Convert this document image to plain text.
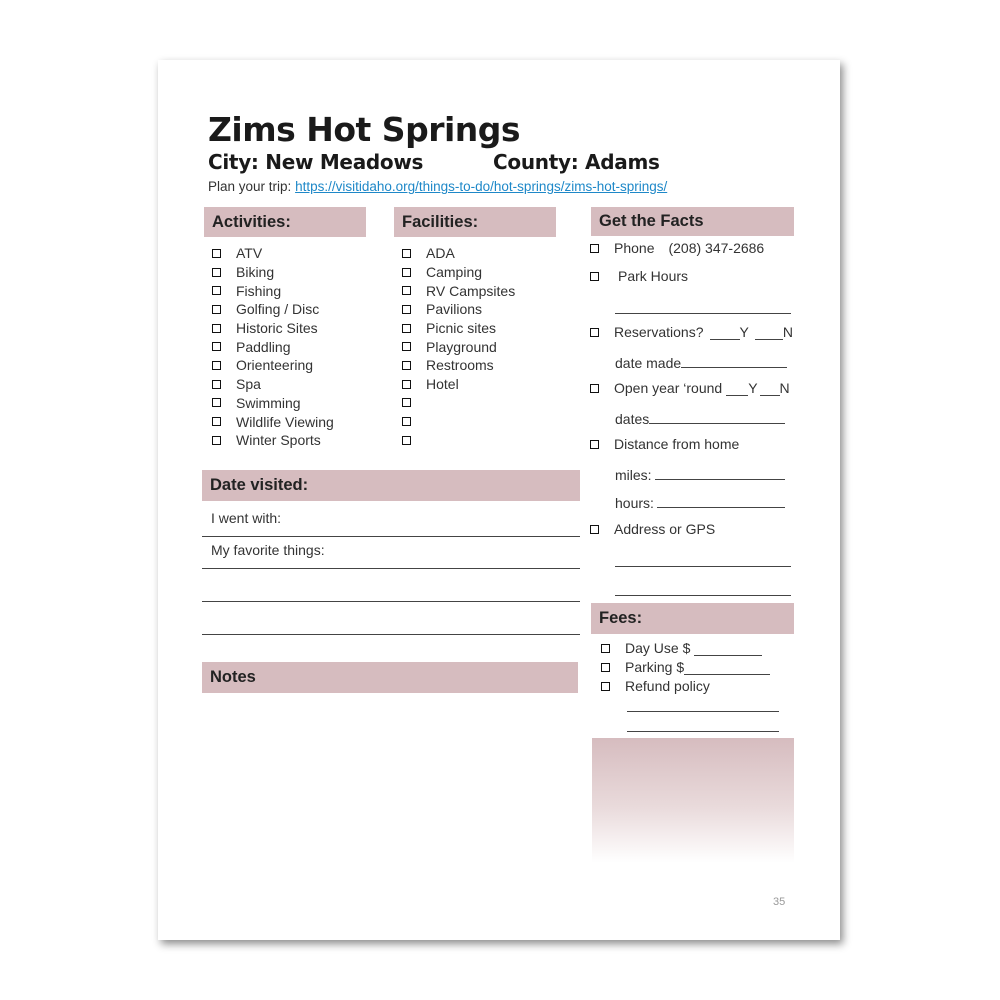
Zims Hot Springs
City: New Meadows	County: Adams
Plan your trip: https://visitidaho.org/things-to-do/hot-springs/zims-hot-springs/
Activities:
ATV
Biking
Fishing
Golfing / Disc
Historic Sites
Paddling
Orienteering
Spa
Swimming
Wildlife Viewing
Winter Sports
Facilities:
ADA
Camping
RV Campsites
Pavilions
Picnic sites
Playground
Restrooms
Hotel
Date visited:
I went with:
My favorite things:
Notes
Get the Facts
Phone (208) 347-2686
Park Hours
Reservations?	Y N
date made
Open year ‘round Y N
dates
Distance from home
miles:
hours:
Address or GPS
Fees:
Day Use $
Parking $
Refund policy
35
